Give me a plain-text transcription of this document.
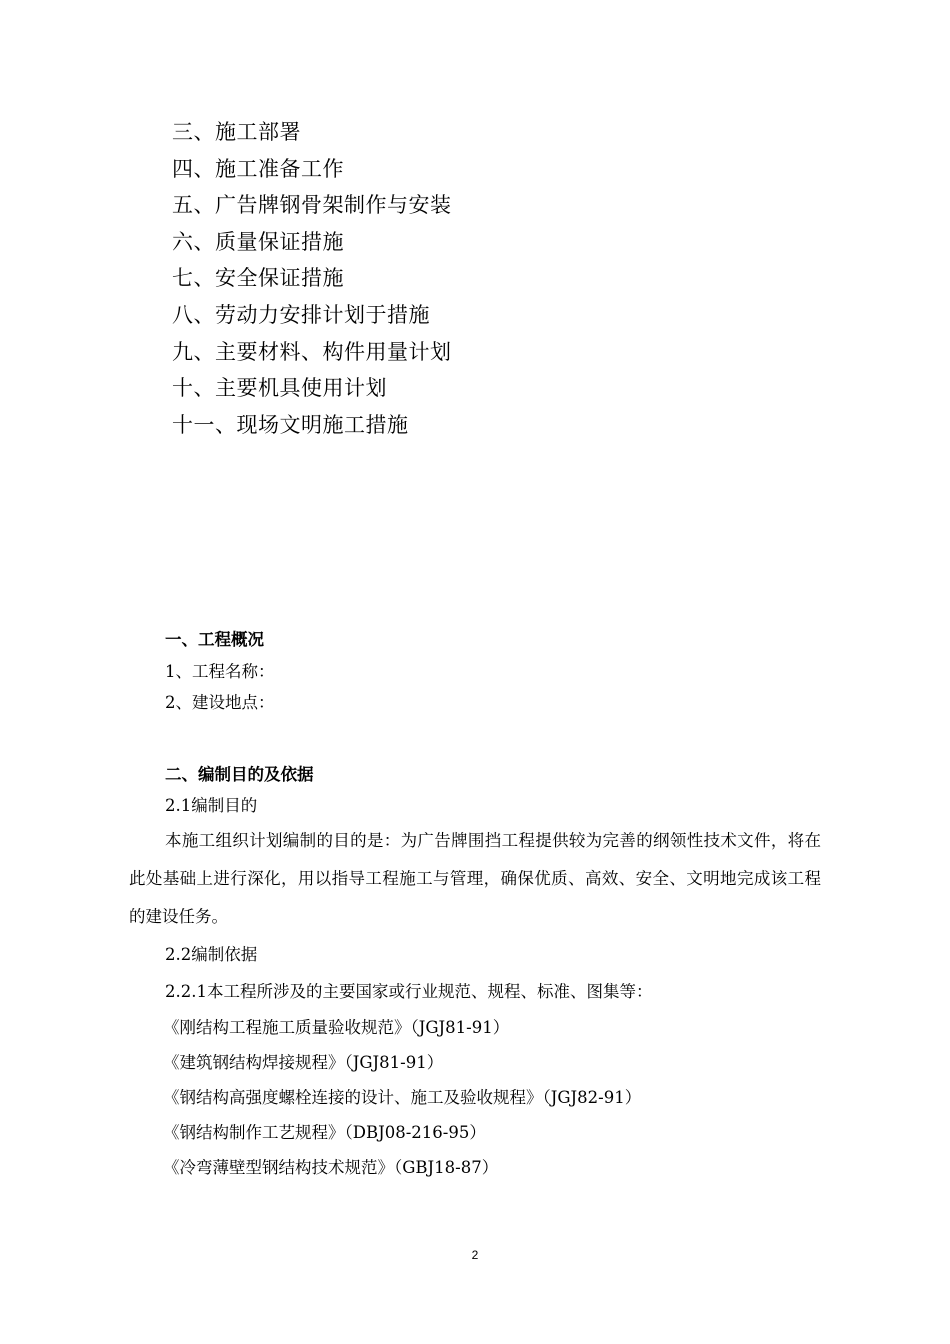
三、施工部署
四、施工准备工作
五、广告牌钢骨架制作与安装
六、质量保证措施
七、安全保证措施
八、劳动力安排计划于措施
九、主要材料、构件用量计划
十、主要机具使用计划
十一、现场文明施工措施
一、工程概况
1、工程名称：
2、建设地点：
二、编制目的及依据
2.1编制目的
本施工组织计划编制的目的是：为广告牌围挡工程提供较为完善的纲领性技术文件，将在此处基础上进行深化，用以指导工程施工与管理，确保优质、高效、安全、文明地完成该工程的建设任务。
2.2编制依据
2.2.1本工程所涉及的主要国家或行业规范、规程、标准、图集等：
《刚结构工程施工质量验收规范》（JGJ81-91）
《建筑钢结构焊接规程》（JGJ81-91）
《钢结构高强度螺栓连接的设计、施工及验收规程》（JGJ82-91）
《钢结构制作工艺规程》（DBJ08-216-95）
《冷弯薄壁型钢结构技术规范》（GBJ18-87）
2
